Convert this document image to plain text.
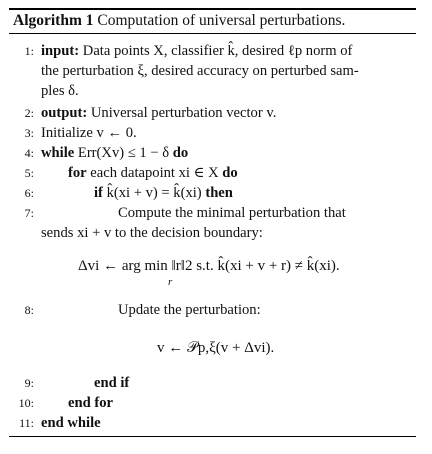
Algorithm 1 Computation of universal perturbations.
1: input: Data points X, classifier k̂, desired ℓp norm of
the perturbation ξ, desired accuracy on perturbed sam-
ples δ.
2: output: Universal perturbation vector v.
3: Initialize v ← 0.
4: while Err(Xv) ≤ 1 − δ do
5: for each datapoint xi ∈ X do
6:	if k̂(xi + v) = k̂(xi) then
7:	Compute the minimal perturbation that
sends xi + v to the decision boundary:
Δvi ← arg min ‖r‖2 s.t. k̂(xi + v + r) ≠ k̂(xi).
r
8:	Update the perturbation:
v ← 𝒫p,ξ(v + Δvi).
9:	end if
10: end for
11: end while
